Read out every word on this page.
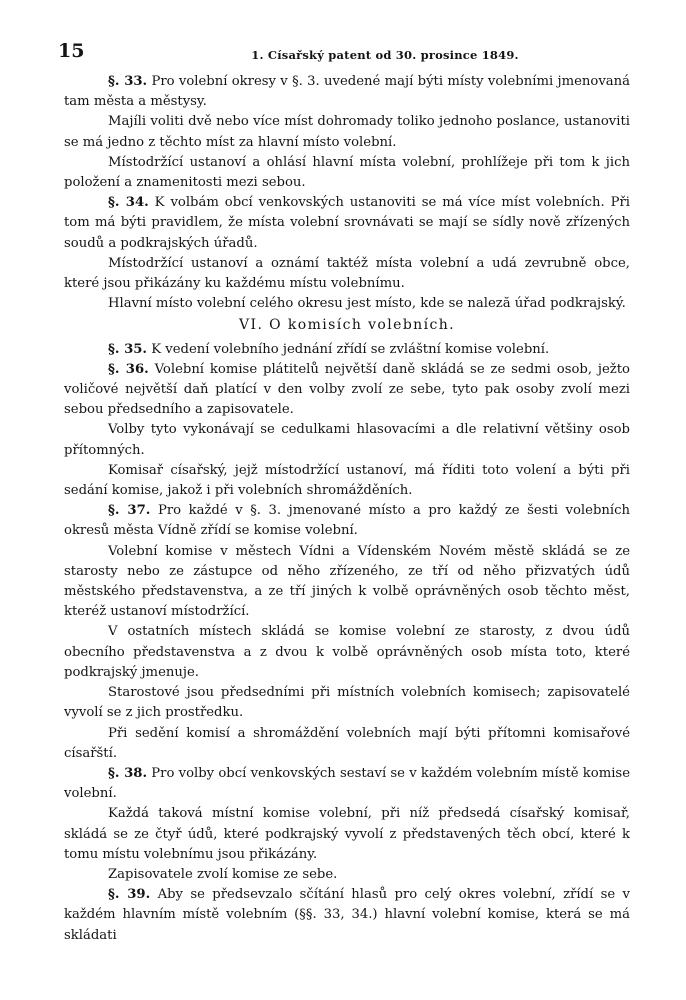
15	1. Císařský patent od 30. prosince 1849.

§. 33. Pro volební okresy v §. 3. uvedené mají býti místy volebními jmenovaná tam města a městysy.

Majíli voliti dvě nebo více míst dohromady toliko jednoho poslance, ustanoviti se má jedno z těchto míst za hlavní místo volební.

Místodržící ustanoví a ohlásí hlavní místa volební, prohlížeje při tom k jich položení a znamenitosti mezi sebou.

§. 34. K volbám obcí venkovských ustanoviti se má více míst volebních. Při tom má býti pravidlem, že místa volební srovnávati se mají se sídly nově zřízených soudů a podkrajských úřadů.

Místodržící ustanoví a oznámí taktéž místa volební a udá zevrubně obce, které jsou přikázány ku každému místu volebnímu.

Hlavní místo volební celého okresu jest místo, kde se naleză úřad podkrajský.

VI. O komisích volebních.

§. 35. K vedení volebního jednání zřídí se zvláštní komise volební.

§. 36. Volební komise plátitelů největší daně skládá se ze sedmi osob, ježto voličové největší daň platící v den volby zvolí ze sebe, tyto pak osoby zvolí mezi sebou předsedního a zapisovatele.

Volby tyto vykonávají se cedulkami hlasovacími a dle relativní většiny osob přítomných.

Komisař císařský, jejž místodržící ustanoví, má říditi toto volení a býti při sedání komise, jakož i při volebních shromážděních.

§. 37. Pro každé v §. 3. jmenované místo a pro každý ze šesti volebních okresů města Vídně zřídí se komise volební.

Volební komise v městech Vídni a Vídenském Novém městě skládá se ze starosty nebo ze zástupce od něho zřízeného, ze tří od něho přizvatých údů městského představenstva, a ze tří jiných k volbě oprávněných osob těchto měst, kteréž ustanoví místodržící.

V ostatních místech skládá se komise volební ze starosty, z dvou údů obecního představenstva a z dvou k volbě oprávněných osob místa toto, které podkrajský jmenuje.

Starostové jsou předsedními při místních volebních komisech; zapisovatelé vyvolí se z jich prostředku.

Při sedění komisí a shromáždění volebních mají býti přítomni komisařové císařští.

§. 38. Pro volby obcí venkovských sestaví se v každém volebním místě komise volební.

Každá taková místní komise volební, při níž předsedá císařský komisař, skládá se ze čtyř údů, které podkrajský vyvolí z představených těch obcí, které k tomu místu volebnímu jsou přikázány.

Zapisovatele zvolí komise ze sebe.

§. 39. Aby se předsevzalo sčítání hlasů pro celý okres volební, zřídí se v každém hlavním místě volebním (§§. 33, 34.) hlavní volební komise, která se má skládati
